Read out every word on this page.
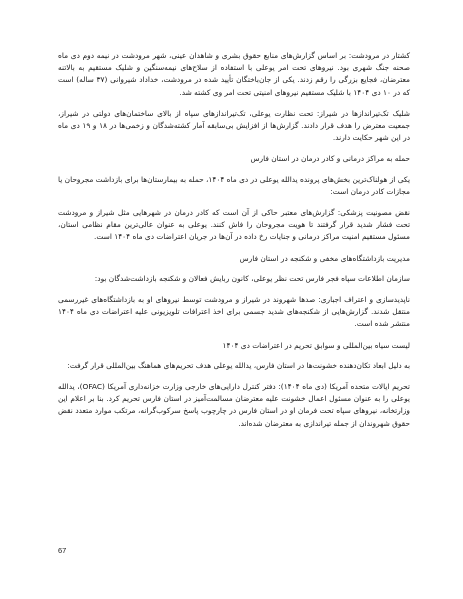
کشتار در مرودشت: بر اساس گزارش‌های منابع حقوق بشری و شاهدان عینی، شهر مرودشت در نیمه دوم دی ماه صحنه جنگ شهری بود. نیروهای تحت امر یوعلی با استفاده از سلاح‌های نیمه‌سنگین و شلیک مستقیم به بالاتنه معترضان، فجایع بزرگی را رقم زدند. یکی از جان‌باختگان تأیید شده در مرودشت، خداداد شیروانی (۳۷ ساله) است که در ۱۰ دی ۱۴۰۴ با شلیک مستقیم نیروهای امنیتی تحت امر وی کشته شد.

شلیک تک‌تیراندازها در شیراز: تحت نظارت یوعلی، تک‌تیراندازهای سپاه از بالای ساختمان‌های دولتی در شیراز، جمعیت معترض را هدف قرار دادند. گزارش‌ها از افزایش بی‌سابقه آمار کشته‌شدگان و زخمی‌ها در ۱۸ و ۱۹ دی ماه در این شهر حکایت دارند.

حمله به مراکز درمانی و کادر درمان در استان فارس

یکی از هولناک‌ترین بخش‌های پرونده یدالله یوعلی در دی ماه ۱۴۰۴، حمله به بیمارستان‌ها برای بازداشت مجروحان یا مجازات کادر درمان است:

نقض مصونیت پزشکی: گزارش‌های معتبر حاکی از آن است که کادر درمان در شهرهایی مثل شیراز و مرودشت تحت فشار شدید قرار گرفتند تا هویت مجروحان را فاش کنند. یوعلی به عنوان عالی‌ترین مقام نظامی استان، مسئول مستقیم امنیت مراکز درمانی و جنایات رخ داده در آن‌ها در جریان اعتراضات دی ماه ۱۴۰۴ است.

مدیریت بازداشتگاه‌های مخفی و شکنجه در استان فارس

سازمان اطلاعات سپاه فجر فارس تحت نظر یوعلی، کانون ربایش فعالان و شکنجه بازداشت‌شدگان بود:

ناپدیدسازی و اعتراف اجباری: صدها شهروند در شیراز و مرودشت توسط نیروهای او به بازداشتگاه‌های غیررسمی منتقل شدند. گزارش‌هایی از شکنجه‌های شدید جسمی برای اخذ اعترافات تلویزیونی علیه اعتراضات دی ماه ۱۴۰۴ منتشر شده است.

لیست سیاه بین‌المللی و سوابق تحریم در اعتراضات دی ۱۴۰۴

به دلیل ابعاد تکان‌دهنده خشونت‌ها در استان فارس، یدالله یوعلی هدف تحریم‌های هماهنگ بین‌المللی قرار گرفت:

تحریم ایالات متحده آمریکا (دی ماه ۱۴۰۴): دفتر کنترل دارایی‌های خارجی وزارت خزانه‌داری آمریکا (OFAC)، یدالله یوعلی را به عنوان مسئول اعمال خشونت علیه معترضان مسالمت‌آمیز در استان فارس تحریم کرد. بنا بر اعلام این وزارتخانه، نیروهای سپاه تحت فرمان او در استان فارس در چارچوب پاسخ سرکوب‌گرانه، مرتکب موارد متعدد نقض حقوق شهروندان از جمله تیراندازی به معترضان شده‌اند.

67
